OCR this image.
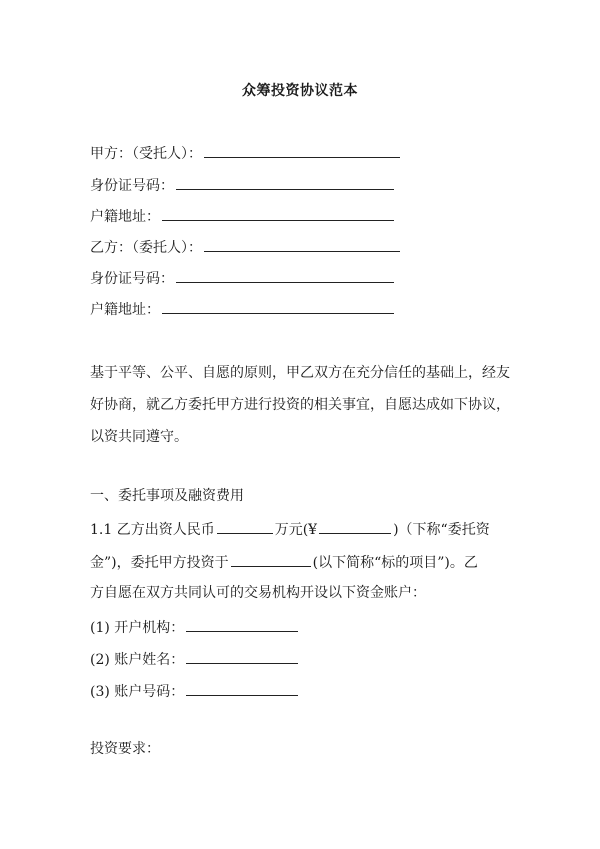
众筹投资协议范本
甲方：（受托人）：
身份证号码：
户籍地址：
乙方：（委托人）：
身份证号码：
户籍地址：
基于平等、公平、自愿的原则，甲乙双方在充分信任的基础上，经友
好协商，就乙方委托甲方进行投资的相关事宜，自愿达成如下协议，
以资共同遵守。
一、委托事项及融资费用
1.1 乙方出资人民币	万元(¥	)（下称“委托资
金”)，委托甲方投资于	(以下简称“标的项目”)。乙
方自愿在双方共同认可的交易机构开设以下资金账户：
(1) 开户机构：
(2) 账户姓名：
(3) 账户号码：
投资要求：
